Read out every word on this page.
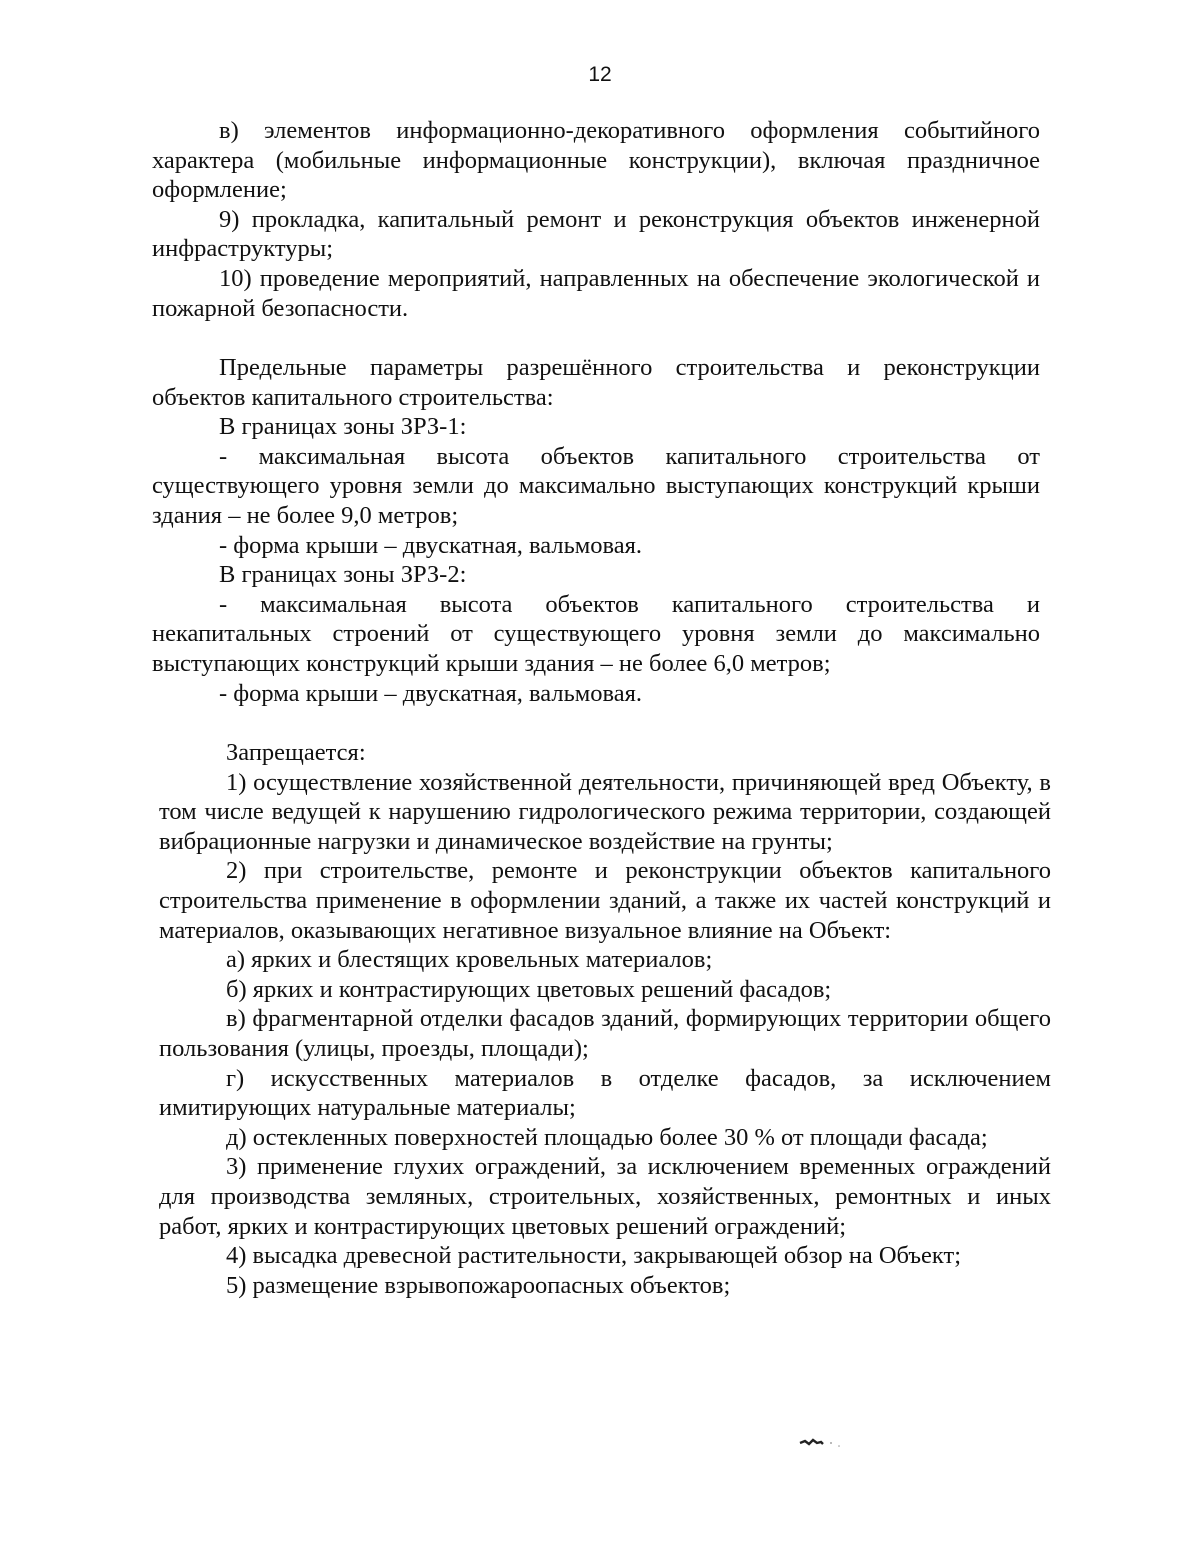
12

в) элементов информационно-декоративного оформления событийного характера (мобильные информационные конструкции), включая праздничное оформление;

9) прокладка, капитальный ремонт и реконструкция объектов инженерной инфраструктуры;

10) проведение мероприятий, направленных на обеспечение экологической и пожарной безопасности.

Предельные параметры разрешённого строительства и реконструкции объектов капитального строительства:

В границах зоны ЗРЗ-1:

- максимальная высота объектов капитального строительства от существующего уровня земли до максимально выступающих конструкций крыши здания – не более 9,0 метров;

- форма крыши – двускатная, вальмовая.

В границах зоны ЗРЗ-2:

- максимальная высота объектов капитального строительства и некапитальных строений от существующего уровня земли до максимально выступающих конструкций крыши здания – не более 6,0 метров;

- форма крыши – двускатная, вальмовая.

Запрещается:

1) осуществление хозяйственной деятельности, причиняющей вред Объекту, в том числе ведущей к нарушению гидрологического режима территории, создающей вибрационные нагрузки и динамическое воздействие на грунты;

2) при строительстве, ремонте и реконструкции объектов капитального строительства применение в оформлении зданий, а также их частей конструкций и материалов, оказывающих негативное визуальное влияние на Объект:

а) ярких и блестящих кровельных материалов;

б) ярких и контрастирующих цветовых решений фасадов;

в) фрагментарной отделки фасадов зданий, формирующих территории общего пользования (улицы, проезды, площади);

г) искусственных материалов в отделке фасадов, за исключением имитирующих натуральные материалы;

д) остекленных поверхностей площадью более 30 % от площади фасада;

3) применение глухих ограждений, за исключением временных ограждений для производства земляных, строительных, хозяйственных, ремонтных и иных работ, ярких и контрастирующих цветовых решений ограждений;

4) высадка древесной растительности, закрывающей обзор на Объект;

5) размещение взрывопожароопасных объектов;
